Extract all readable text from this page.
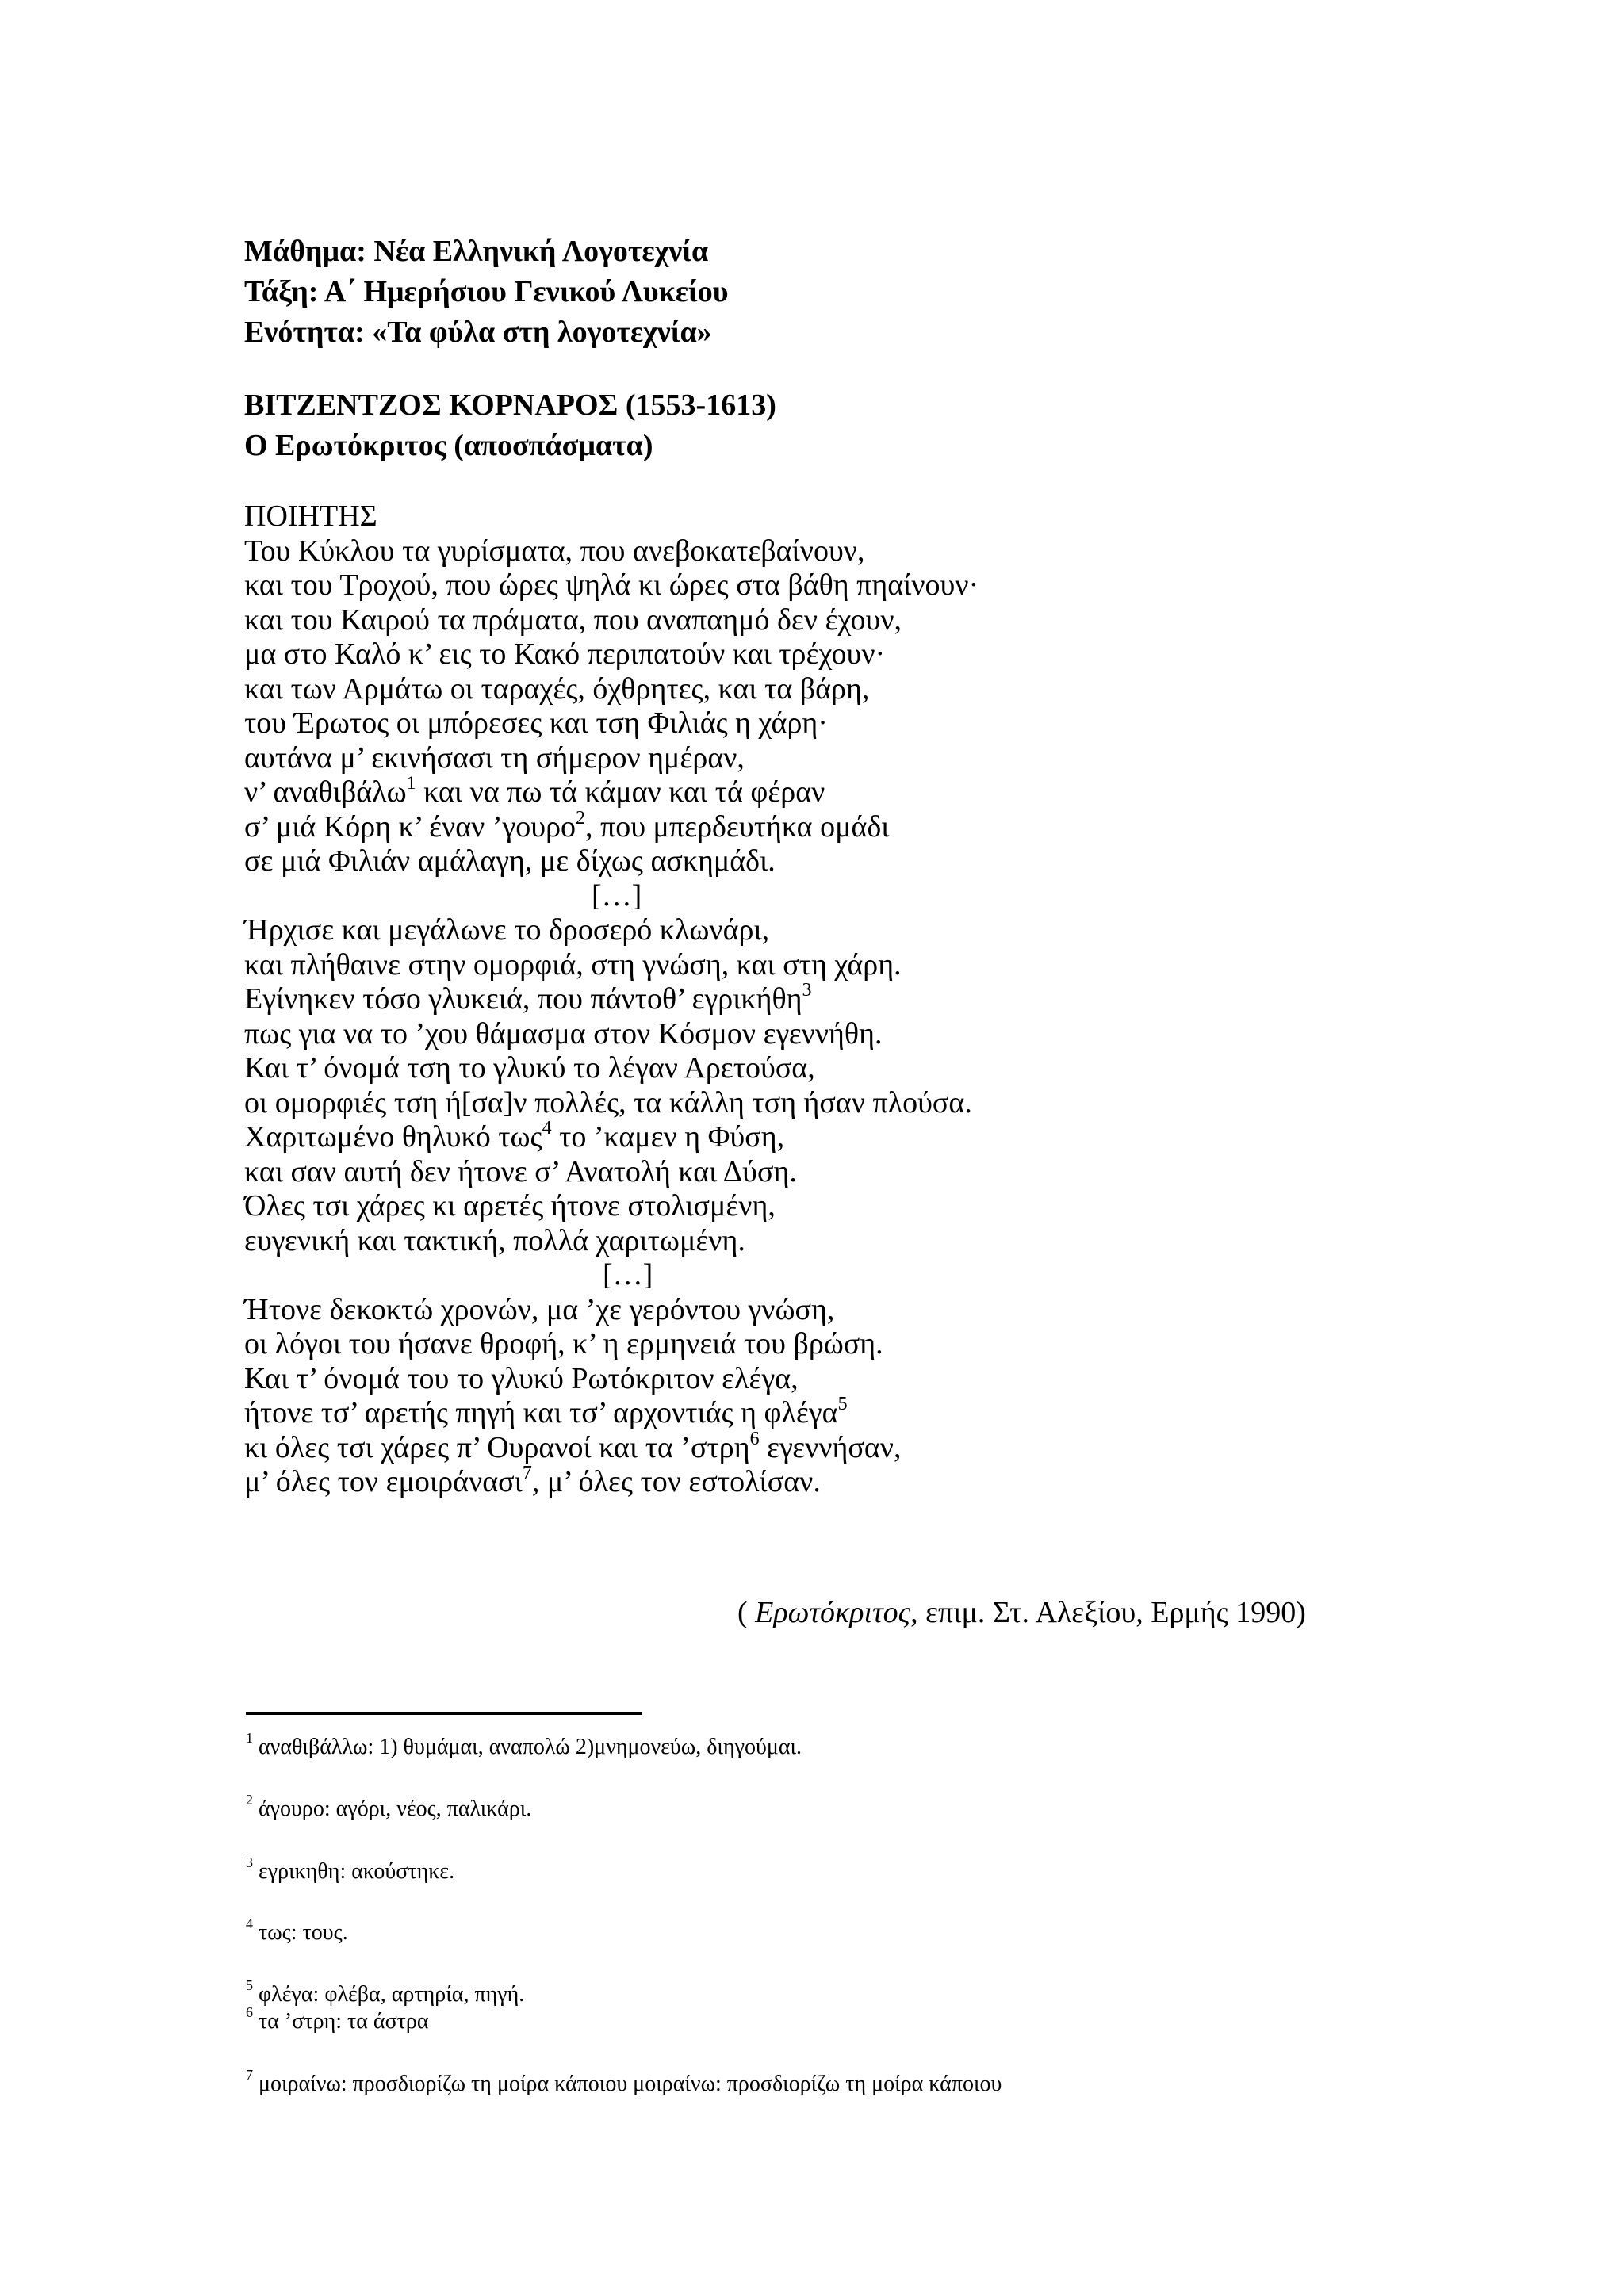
Μάθημα: Νέα Ελληνική Λογοτεχνία
Τάξη: Α΄ Ημερήσιου Γενικού Λυκείου
Ενότητα: «Τα φύλα στη λογοτεχνία»
ΒΙΤΖΕΝΤΖΟΣ ΚΟΡΝΑΡΟΣ (1553-1613)
Ο Ερωτόκριτος (αποσπάσματα)
ΠΟΙΗΤΗΣ
Του Κύκλου τα γυρίσματα, που ανεβοκατεβαίνουν,
και του Τροχού, που ώρες ψηλά κι ώρες στα βάθη πηαίνουν·
και του Καιρού τα πράματα, που αναπαημό δεν έχουν,
μα στο Καλό κ’ εις το Κακό περιπατούν και τρέχουν·
και των Αρμάτω οι ταραχές, όχθρητες, και τα βάρη,
του Έρωτος οι μπόρεσες και τση Φιλιάς η χάρη·
αυτάνα μ’ εκινήσασι τη σήμερον ημέραν,
ν’ αναθιβάλω$^1$ και να πω τά κάμαν και τά φέραν
σ’ μιά Κόρη κ’ έναν ’γουρο$^2$, που μπερδευτήκα ομάδι
σε μιά Φιλιάν αμάλαγη, με δίχως ασκημάδι.
[…]
Ήρχισε και μεγάλωνε το δροσερό κλωνάρι,
και πλήθαινε στην ομορφιά, στη γνώση, και στη χάρη.
Εγίνηκεν τόσο γλυκειά, που πάντοθ’ εγρικήθη$^3$
πως για να το ’χου θάμασμα στον Κόσμον εγεννήθη.
Και τ’ όνομά τση το γλυκύ το λέγαν Αρετούσα,
οι ομορφιές τση ή[σα]ν πολλές, τα κάλλη τση ήσαν πλούσα.
Χαριτωμένο θηλυκό τως$^4$ το ’καμεν η Φύση,
και σαν αυτή δεν ήτονε σ’ Ανατολή και Δύση.
Όλες τσι χάρες κι αρετές ήτονε στολισμένη,
ευγενική και τακτική, πολλά χαριτωμένη.
[…]
Ήτονε δεκοκτώ χρονών, μα ’χε γερόντου γνώση,
οι λόγοι του ήσανε θροφή, κ’ η ερμηνειά του βρώση.
Και τ’ όνομά του το γλυκύ Ρωτόκριτον ελέγα,
ήτονε τσ’ αρετής πηγή και τσ’ αρχοντιάς η φλέγα$^5$
κι όλες τσι χάρες π’ Ουρανοί και τα ’στρη$^6$ εγεννήσαν,
μ’ όλες τον εμοιράνασι$^7$, μ’ όλες τον εστολίσαν.
( Ερωτόκριτος, επιμ. Στ. Αλεξίου, Ερμής 1990)
$^1$ αναθιβάλλω: 1) θυμάμαι, αναπολώ 2)μνημονεύω, διηγούμαι.
$^2$ άγουρο: αγόρι, νέος, παλικάρι.
$^3$ εγρικηθη: ακούστηκε.
$^4$ τως: τους.
$^5$ φλέγα: φλέβα, αρτηρία, πηγή.
$^6$ τα ’στρη: τα άστρα
$^7$ μοιραίνω: προσδιορίζω τη μοίρα κάποιου μοιραίνω: προσδιορίζω τη μοίρα κάποιου
